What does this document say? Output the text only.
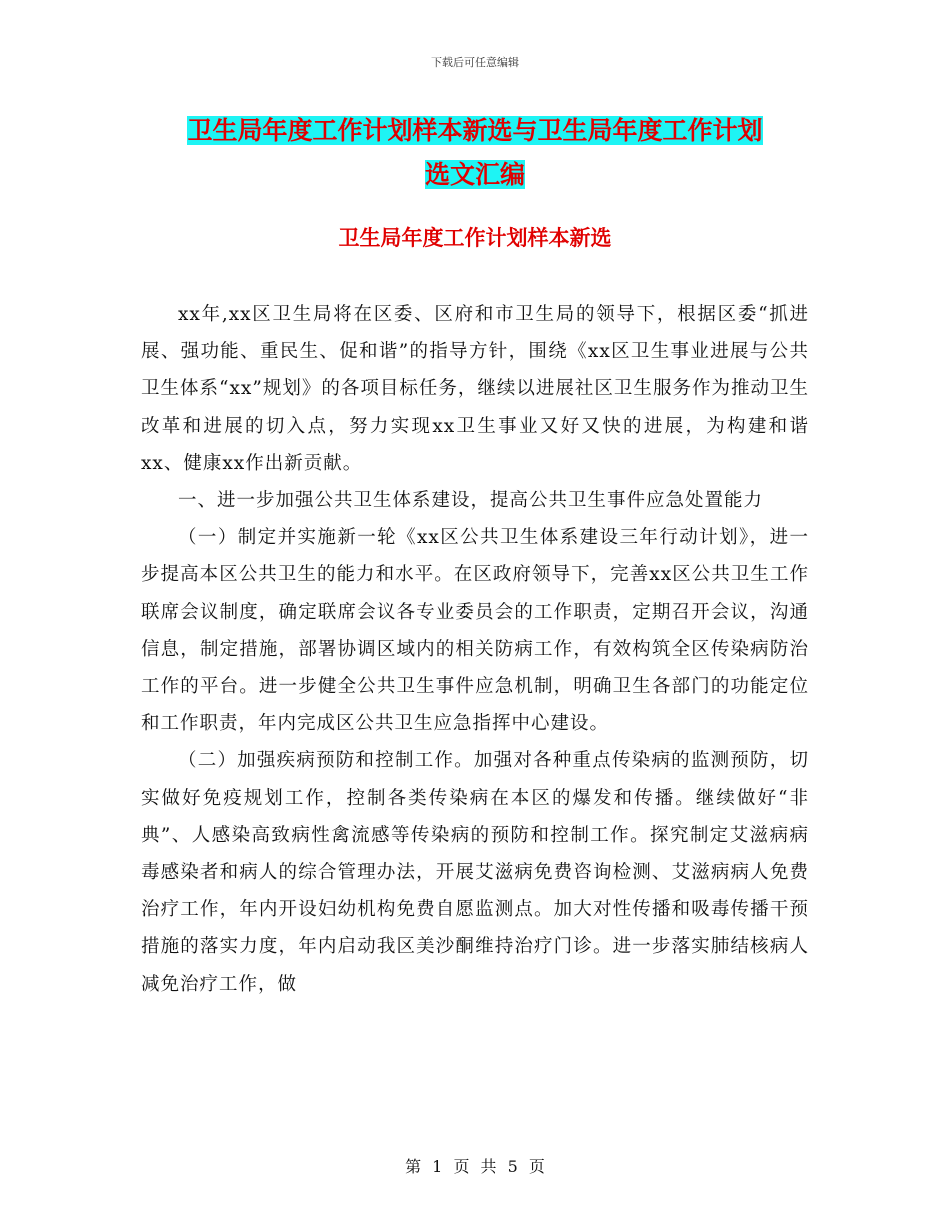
下载后可任意编辑
卫生局年度工作计划样本新选与卫生局年度工作计划
选文汇编
卫生局年度工作计划样本新选

xx年,xx区卫生局将在区委、区府和市卫生局的领导下，根据区委“抓进展、强功能、重民生、促和谐”的指导方针，围绕《xx区卫生事业进展与公共卫生体系“xx”规划》的各项目标任务，继续以进展社区卫生服务作为推动卫生改革和进展的切入点，努力实现xx卫生事业又好又快的进展，为构建和谐xx、健康xx作出新贡献。

一、进一步加强公共卫生体系建设，提高公共卫生事件应急处置能力

（一）制定并实施新一轮《xx区公共卫生体系建设三年行动计划》，进一步提高本区公共卫生的能力和水平。在区政府领导下，完善xx区公共卫生工作联席会议制度，确定联席会议各专业委员会的工作职责，定期召开会议，沟通信息，制定措施，部署协调区域内的相关防病工作，有效构筑全区传染病防治工作的平台。进一步健全公共卫生事件应急机制，明确卫生各部门的功能定位和工作职责，年内完成区公共卫生应急指挥中心建设。

（二）加强疾病预防和控制工作。加强对各种重点传染病的监测预防，切实做好免疫规划工作，控制各类传染病在本区的爆发和传播。继续做好“非典”、人感染高致病性禽流感等传染病的预防和控制工作。探究制定艾滋病病毒感染者和病人的综合管理办法，开展艾滋病免费咨询检测、艾滋病病人免费治疗工作，年内开设妇幼机构免费自愿监测点。加大对性传播和吸毒传播干预措施的落实力度，年内启动我区美沙酮维持治疗门诊。进一步落实肺结核病人减免治疗工作，做

第 1 页 共 5 页
